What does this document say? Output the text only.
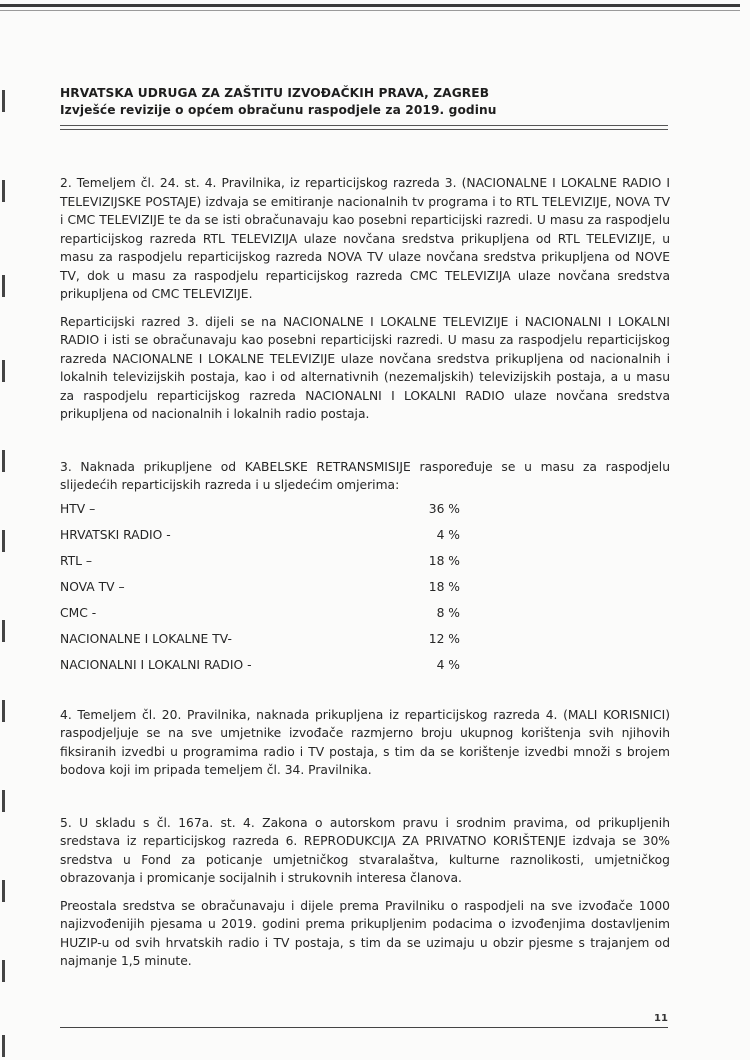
HRVATSKA UDRUGA ZA ZAŠTITU IZVOĐAČKIH PRAVA, ZAGREB
Izvješće revizije o općem obračunu raspodjele za 2019. godinu

2. Temeljem čl. 24. st. 4. Pravilnika, iz reparticijskog razreda 3. (NACIONALNE I LOKALNE RADIO I TELEVIZIJSKE POSTAJE) izdvaja se emitiranje nacionalnih tv programa i to RTL TELEVIZIJE, NOVA TV i CMC TELEVIZIJE te da se isti obračunavaju kao posebni reparticijski razredi. U masu za raspodjelu reparticijskog razreda RTL TELEVIZIJA ulaze novčana sredstva prikupljena od RTL TELEVIZIJE, u masu za raspodjelu reparticijskog razreda NOVA TV ulaze novčana sredstva prikupljena od NOVE TV, dok u masu za raspodjelu reparticijskog razreda CMC TELEVIZIJA ulaze novčana sredstva prikupljena od CMC TELEVIZIJE.

Reparticijski razred 3. dijeli se na NACIONALNE I LOKALNE TELEVIZIJE i NACIONALNI I LOKALNI RADIO i isti se obračunavaju kao posebni reparticijski razredi. U masu za raspodjelu reparticijskog razreda NACIONALNE I LOKALNE TELEVIZIJE ulaze novčana sredstva prikupljena od nacionalnih i lokalnih televizijskih postaja, kao i od alternativnih (nezemaljskih) televizijskih postaja, a u masu za raspodjelu reparticijskog razreda NACIONALNI I LOKALNI RADIO ulaze novčana sredstva prikupljena od nacionalnih i lokalnih radio postaja.

3. Naknada prikupljene od KABELSKE RETRANSMISIJE raspoređuje se u masu za raspodjelu slijedećih reparticijskih razreda i u sljedećim omjerima:

HTV –	36 %
HRVATSKI RADIO -	4 %
RTL –	18 %
NOVA TV –	18 %
CMC -	8 %
NACIONALNE I LOKALNE TV-	12 %
NACIONALNI I LOKALNI RADIO -	4 %

4. Temeljem čl. 20. Pravilnika, naknada prikupljena iz reparticijskog razreda 4. (MALI KORISNICI) raspodjeljuje se na sve umjetnike izvođače razmjerno broju ukupnog korištenja svih njihovih fiksiranih izvedbi u programima radio i TV postaja, s tim da se korištenje izvedbi množi s brojem bodova koji im pripada temeljem čl. 34. Pravilnika.

5. U skladu s čl. 167a. st. 4. Zakona o autorskom pravu i srodnim pravima, od prikupljenih sredstava iz reparticijskog razreda 6. REPRODUKCIJA ZA PRIVATNO KORIŠTENJE izdvaja se 30% sredstva u Fond za poticanje umjetničkog stvaralaštva, kulturne raznolikosti, umjetničkog obrazovanja i promicanje socijalnih i strukovnih interesa članova.

Preostala sredstva se obračunavaju i dijele prema Pravilniku o raspodjeli na sve izvođače 1000 najizvođenijih pjesama u 2019. godini prema prikupljenim podacima o izvođenjima dostavljenim HUZIP-u od svih hrvatskih radio i TV postaja, s tim da se uzimaju u obzir pjesme s trajanjem od najmanje 1,5 minute.

11
